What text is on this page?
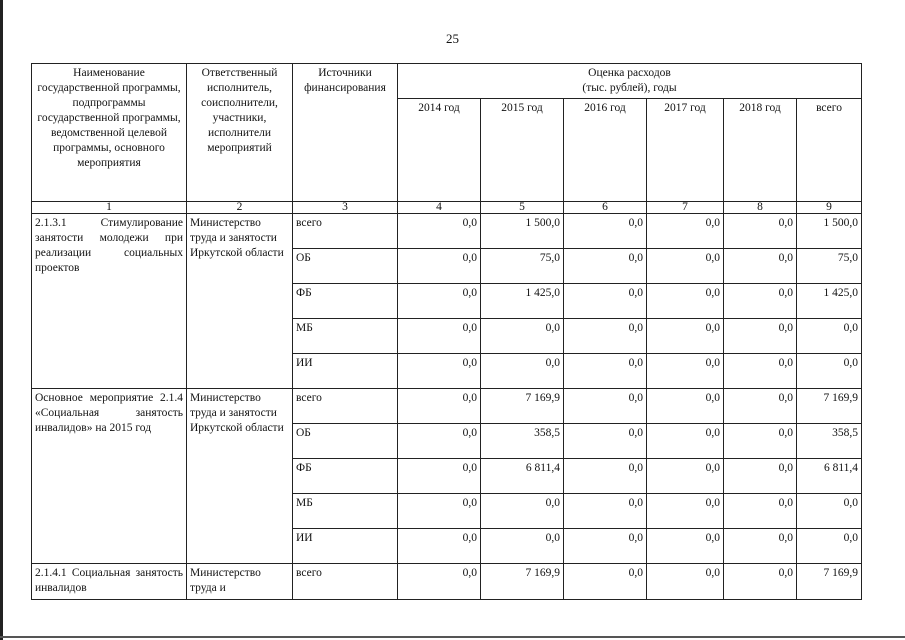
25
Наименование государственной программы, подпрограммы государственной программы, ведомственной целевой программы, основного мероприятия	Ответственный исполнитель, соисполнители, участники, исполнители мероприятий	Источники финансирования	Оценка расходов
(тыс. рублей), годы					

			2014 год	2015 год	2016 год	2017 год	2018 год	всего
1	2	3	4	5	6	7	8	9
2.1.3.1 Стимулирование занятости молодежи при реализации социальных проектов	Министерство труда и занятости Иркутской области	всего	0,0	1 500,0	0,0	0,0	0,0	1 500,0
		ОБ	0,0	75,0	0,0	0,0	0,0	75,0
		ФБ	0,0	1 425,0	0,0	0,0	0,0	1 425,0
		МБ	0,0	0,0	0,0	0,0	0,0	0,0
		ИИ	0,0	0,0	0,0	0,0	0,0	0,0
Основное мероприятие 2.1.4 «Социальная занятость инвалидов» на 2015 год	Министерство труда и занятости Иркутской области	всего	0,0	7 169,9	0,0	0,0	0,0	7 169,9
		ОБ	0,0	358,5	0,0	0,0	0,0	358,5
		ФБ	0,0	6 811,4	0,0	0,0	0,0	6 811,4
		МБ	0,0	0,0	0,0	0,0	0,0	0,0
		ИИ	0,0	0,0	0,0	0,0	0,0	0,0
2.1.4.1 Социальная занятость инвалидов	Министерство труда и	всего	0,0	7 169,9	0,0	0,0	0,0	7 169,9
